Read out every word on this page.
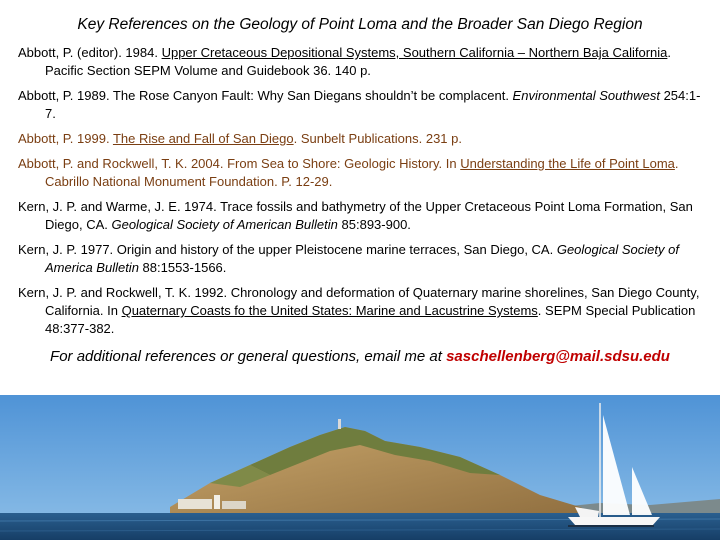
Key References on the Geology of Point Loma and the Broader San Diego Region
Abbott, P. (editor). 1984. Upper Cretaceous Depositional Systems, Southern California – Northern Baja California. Pacific Section SEPM Volume and Guidebook 36. 140 p.
Abbott, P. 1989. The Rose Canyon Fault: Why San Diegans shouldn’t be complacent. Environmental Southwest 254:1-7.
Abbott, P. 1999. The Rise and Fall of San Diego. Sunbelt Publications. 231 p.
Abbott, P. and Rockwell, T. K. 2004. From Sea to Shore: Geologic History. In Understanding the Life of Point Loma. Cabrillo National Monument Foundation. P. 12-29.
Kern, J. P. and Warme, J. E. 1974. Trace fossils and bathymetry of the Upper Cretaceous Point Loma Formation, San Diego, CA. Geological Society of American Bulletin 85:893-900.
Kern, J. P. 1977. Origin and history of the upper Pleistocene marine terraces, San Diego, CA. Geological Society of America Bulletin 88:1553-1566.
Kern, J. P. and Rockwell, T. K. 1992. Chronology and deformation of Quaternary marine shorelines, San Diego County, California. In Quaternary Coasts fo the United States: Marine and Lacustrine Systems. SEPM Special Publication 48:377-382.
For additional references or general questions, email me at saschellenberg@mail.sdsu.edu
